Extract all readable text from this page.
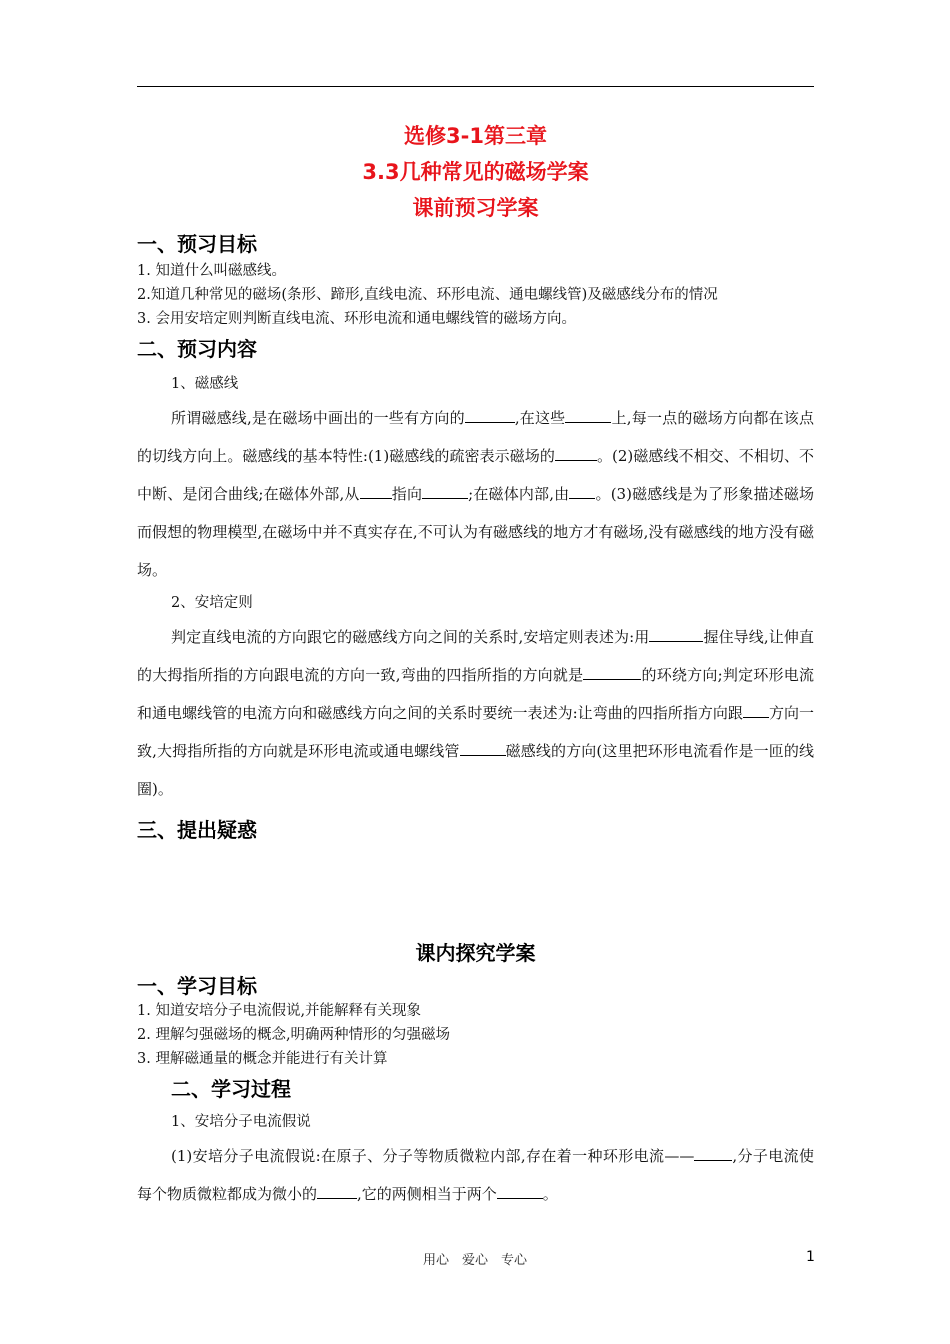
选修3-1第三章
3.3几种常见的磁场学案
课前预习学案
一、预习目标
1. 知道什么叫磁感线。
2.知道几种常见的磁场(条形、蹄形,直线电流、环形电流、通电螺线管)及磁感线分布的情况
3. 会用安培定则判断直线电流、环形电流和通电螺线管的磁场方向。
二、预习内容
1、磁感线
所谓磁感线,是在磁场中画出的一些有方向的	,在这些	上,每一点的磁场方向都在该点的切线方向上。磁感线的基本特性:(1)磁感线的疏密表示磁场的	。(2)磁感线不相交、不相切、不中断、是闭合曲线;在磁体外部,从 指向	;在磁体内部,由 。(3)磁感线是为了形象描述磁场而假想的物理模型,在磁场中并不真实存在,不可认为有磁感线的地方才有磁场,没有磁感线的地方没有磁场。
2、安培定则
判定直线电流的方向跟它的磁感线方向之间的关系时,安培定则表述为:用	握住导线,让伸直的大拇指所指的方向跟电流的方向一致,弯曲的四指所指的方向就是	的环绕方向;判定环形电流和通电螺线管的电流方向和磁感线方向之间的关系时要统一表述为:让弯曲的四指所指方向跟 方向一致,大拇指所指的方向就是环形电流或通电螺线管	磁感线的方向(这里把环形电流看作是一匝的线圈)。
三、提出疑惑
课内探究学案
一、学习目标
1. 知道安培分子电流假说,并能解释有关现象
2. 理解匀强磁场的概念,明确两种情形的匀强磁场
3. 理解磁通量的概念并能进行有关计算
二、学习过程
1、安培分子电流假说
(1)安培分子电流假说:在原子、分子等物质微粒内部,存在着一种环形电流——	,分子电流使每个物质微粒都成为微小的	,它的两侧相当于两个	。
用心　爱心　专心	1
